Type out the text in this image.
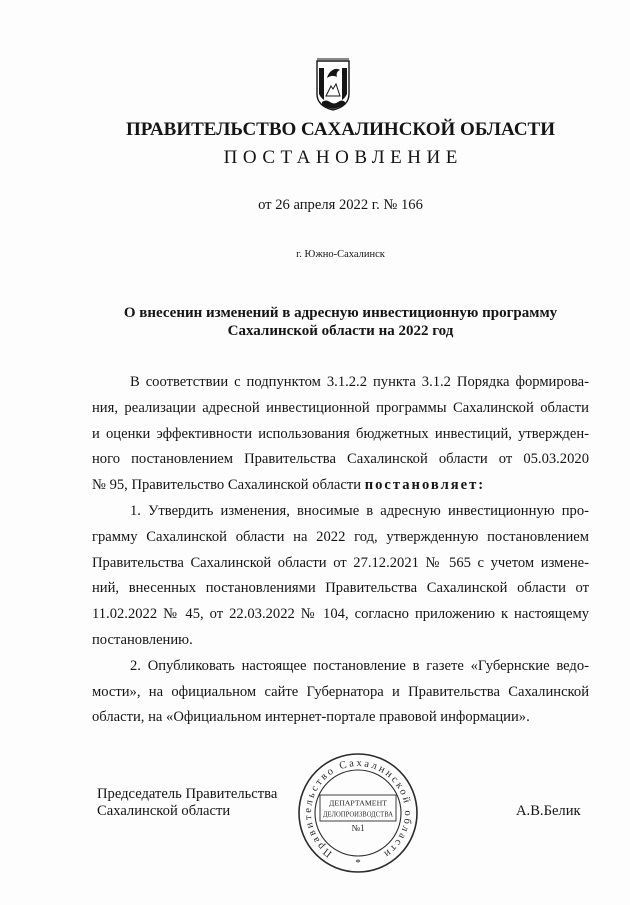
ПРАВИТЕЛЬСТВО САХАЛИНСКОЙ ОБЛАСТИ
ПОСТАНОВЛЕНИЕ
от 26 апреля 2022 г. № 166
г. Южно-Сахалинск
О внесенин изменений в адресную инвестиционную программу
Сахалинской области на 2022 год
В соответствии с подпунктом 3.1.2.2 пункта 3.1.2 Порядка формирова-
ния, реализации адресной инвестиционной программы Сахалинской области
и оценки эффективности использования бюджетных инвестиций, утвержден-
ного постановлением Правительства Сахалинской области от 05.03.2020
№ 95, Правительство Сахалинской области постановляет:
1. Утвердить изменения, вносимые в адресную инвестиционную про-
грамму Сахалинской области на 2022 год, утвержденную постановлением
Правительства Сахалинской области от 27.12.2021 № 565 с учетом измене-
ний, внесенных постановлениями Правительства Сахалинской области от
11.02.2022 № 45, от 22.03.2022 № 104, согласно приложению к настоящему
постановлению.
2. Опубликовать настоящее постановление в газете «Губернские ведо-
мости», на официальном сайте Губернатора и Правительства Сахалинской
области, на «Официальном интернет-портале правовой информации».
Председатель Правительства
Сахалинской области	А.В.Белик
Правительство Сахалинской области
ДЕПАРТАМЕНТ
ДЕЛОПРОИЗВОДСТВА
№1
*
